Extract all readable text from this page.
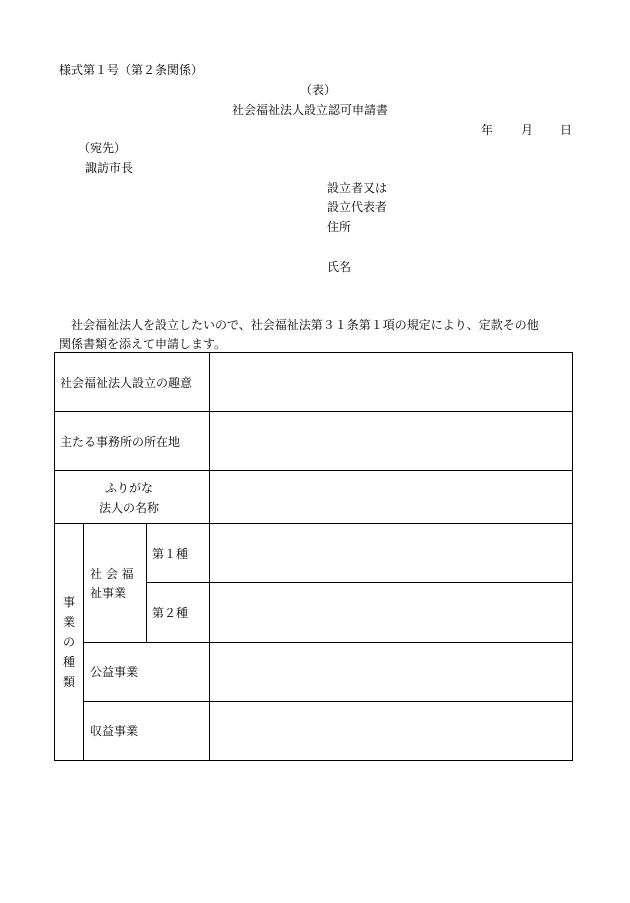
様式第１号（第２条関係）
（表）
社会福祉法人設立認可申請書
年 月 日
（宛先）
諏訪市長
設立者又は
設立代表者
住所
氏名
社会福祉法人を設立したいので、社会福祉法第３１条第１項の規定により、定款その他
関係書類を添えて申請します。
社会福祉法人設立の趣意
主たる事務所の所在地
ふりがな
法人の名称
事
業
の
種
類
社 会 福
祉事業
第１種
第２種
公益事業
収益事業
